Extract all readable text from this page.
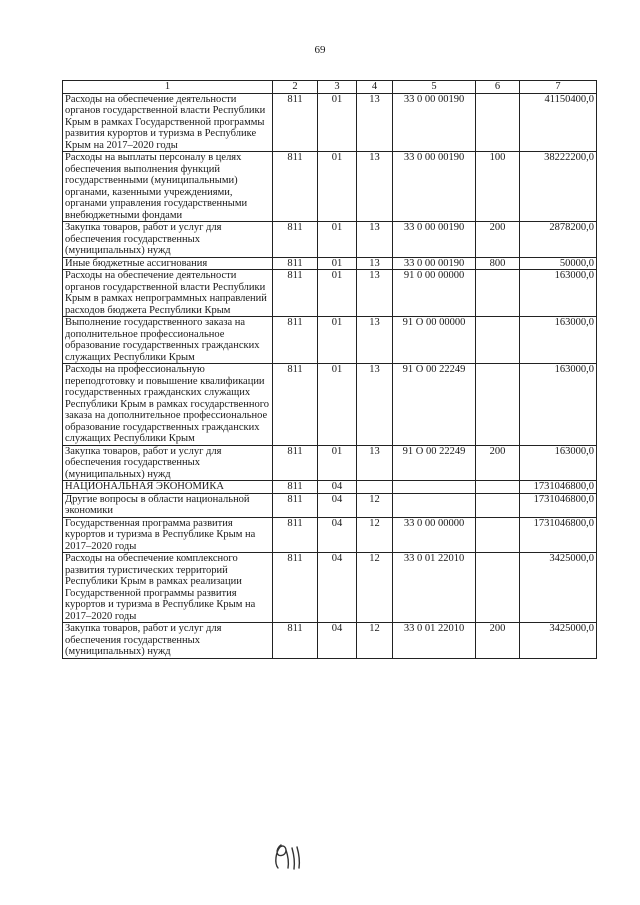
69
1	2	3	4	5	6	7
Расходы на обеспечение деятельности органов государственной власти Республики Крым в рамках Государственной программы развития курортов и туризма в Республике Крым на 2017–2020 годы	811	01	13	33 0 00 00190		41150400,0
Расходы на выплаты персоналу в целях обеспечения выполнения функций государственными (муниципальными) органами, казенными учреждениями, органами управления государственными внебюджетными фондами	811	01	13	33 0 00 00190	100	38222200,0
Закупка товаров, работ и услуг для обеспечения государственных (муниципальных) нужд	811	01	13	33 0 00 00190	200	2878200,0
Иные бюджетные ассигнования	811	01	13	33 0 00 00190	800	50000,0
Расходы на обеспечение деятельности органов государственной власти Республики Крым в рамках непрограммных направлений расходов бюджета Республики Крым	811	01	13	91 0 00 00000		163000,0
Выполнение государственного заказа на дополнительное профессиональное образование государственных гражданских служащих Республики Крым	811	01	13	91 О 00 00000		163000,0
Расходы на профессиональную переподготовку и повышение квалификации государственных гражданских служащих Республики Крым в рамках государственного заказа на дополнительное профессиональное образование государственных гражданских служащих Республики Крым	811	01	13	91 О 00 22249		163000,0
Закупка товаров, работ и услуг для обеспечения государственных (муниципальных) нужд	811	01	13	91 О 00 22249	200	163000,0
НАЦИОНАЛЬНАЯ ЭКОНОМИКА	811	04				1731046800,0
Другие вопросы в области национальной экономики	811	04	12			1731046800,0
Государственная программа развития курортов и туризма в Республике Крым на 2017–2020 годы	811	04	12	33 0 00 00000		1731046800,0
Расходы на обеспечение комплексного развития туристических территорий Республики Крым в рамках реализации Государственной программы развития курортов и туризма в Республике Крым на 2017–2020 годы	811	04	12	33 0 01 22010		3425000,0
Закупка товаров, работ и услуг для обеспечения государственных (муниципальных) нужд	811	04	12	33 0 01 22010	200	3425000,0
